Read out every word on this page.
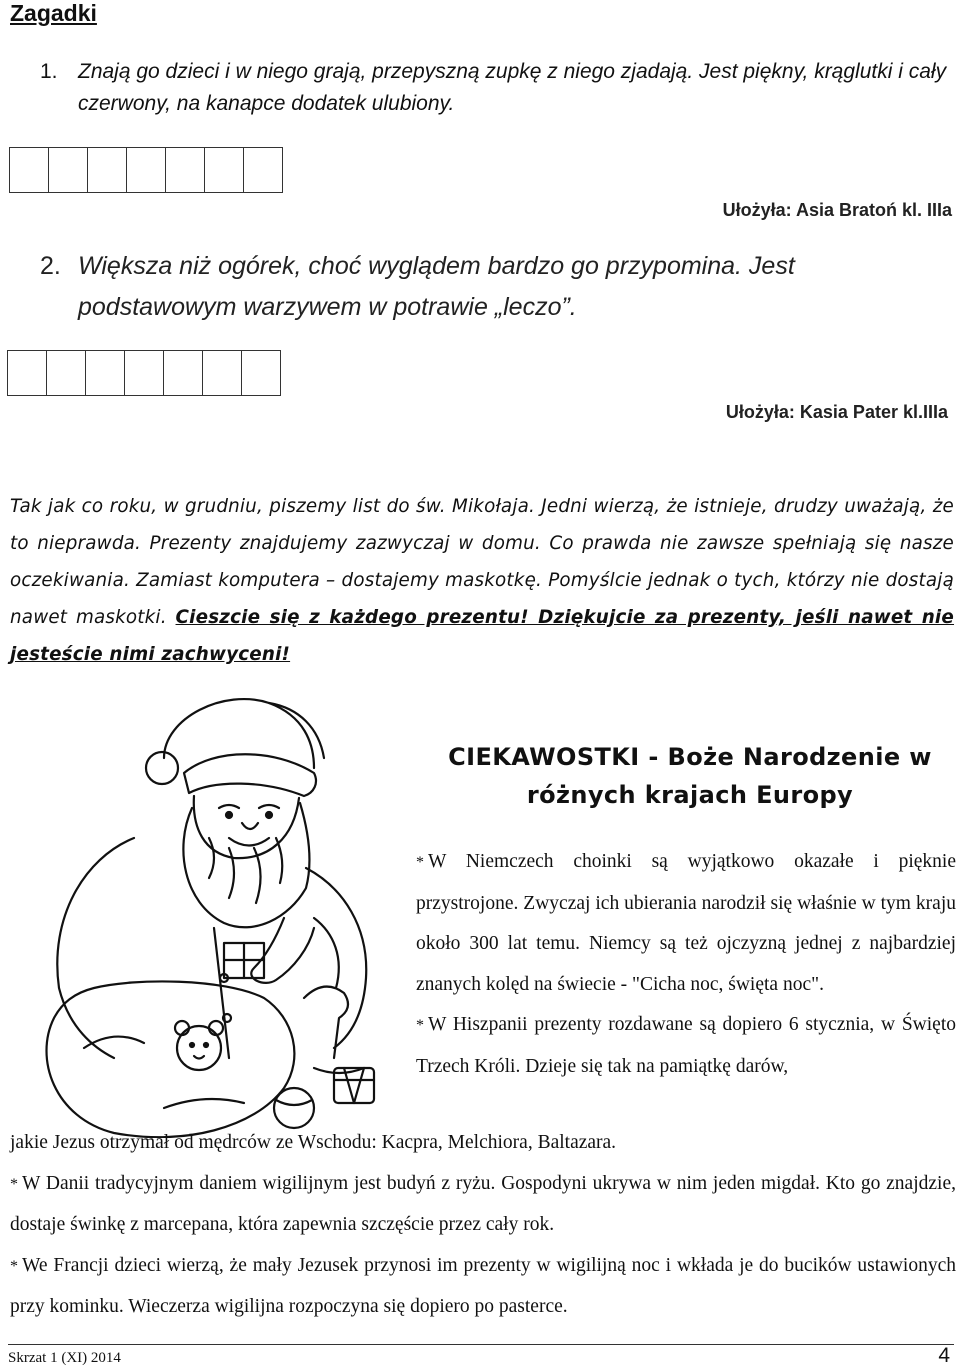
Zagadki
1. Znają go dzieci i w niego grają, przepyszną zupkę z niego zjadają. Jest piękny, krąglutki i cały czerwony, na kanapce dodatek ulubiony.
Ułożyła: Asia Bratoń kl. IIIa
2. Większa niż ogórek, choć wyglądem bardzo go przypomina. Jest podstawowym warzywem w potrawie „leczo”.
Ułożyła: Kasia Pater kl.IIIa

Tak jak co roku, w grudniu, piszemy list do św. Mikołaja. Jedni wierzą, że istnieje, drudzy uważają, że to nieprawda. Prezenty znajdujemy zazwyczaj w domu. Co prawda nie zawsze spełniają się nasze oczekiwania. Zamiast komputera – dostajemy maskotkę. Pomyślcie jednak o tych, którzy nie dostają nawet maskotki. Cieszcie się z każdego prezentu! Dziękujcie za prezenty, jeśli nawet nie jesteście nimi zachwyceni!

CIEKAWOSTKI - Boże Narodzenie w różnych krajach Europy

* W Niemczech choinki są wyjątkowo okazałe i pięknie przystrojone. Zwyczaj ich ubierania narodził się właśnie w tym kraju około 300 lat temu. Niemcy są też ojczyzną jednej z najbardziej znanych kolęd na świecie - "Cicha noc, święta noc".

* W Hiszpanii prezenty rozdawane są dopiero 6 stycznia, w Święto Trzech Króli. Dzieje się tak na pamiątkę darów,

jakie Jezus otrzymał od mędrców ze Wschodu: Kacpra, Melchiora, Baltazara.

* W Danii tradycyjnym daniem wigilijnym jest budyń z ryżu. Gospodyni ukrywa w nim jeden migdał. Kto go znajdzie, dostaje świnkę z marcepana, która zapewnia szczęście przez cały rok.

* We Francji dzieci wierzą, że mały Jezusek przynosi im prezenty w wigilijną noc i wkłada je do bucików ustawionych przy kominku. Wieczerza wigilijna rozpoczyna się dopiero po pasterce.

Skrzat 1 (XI) 2014	4
